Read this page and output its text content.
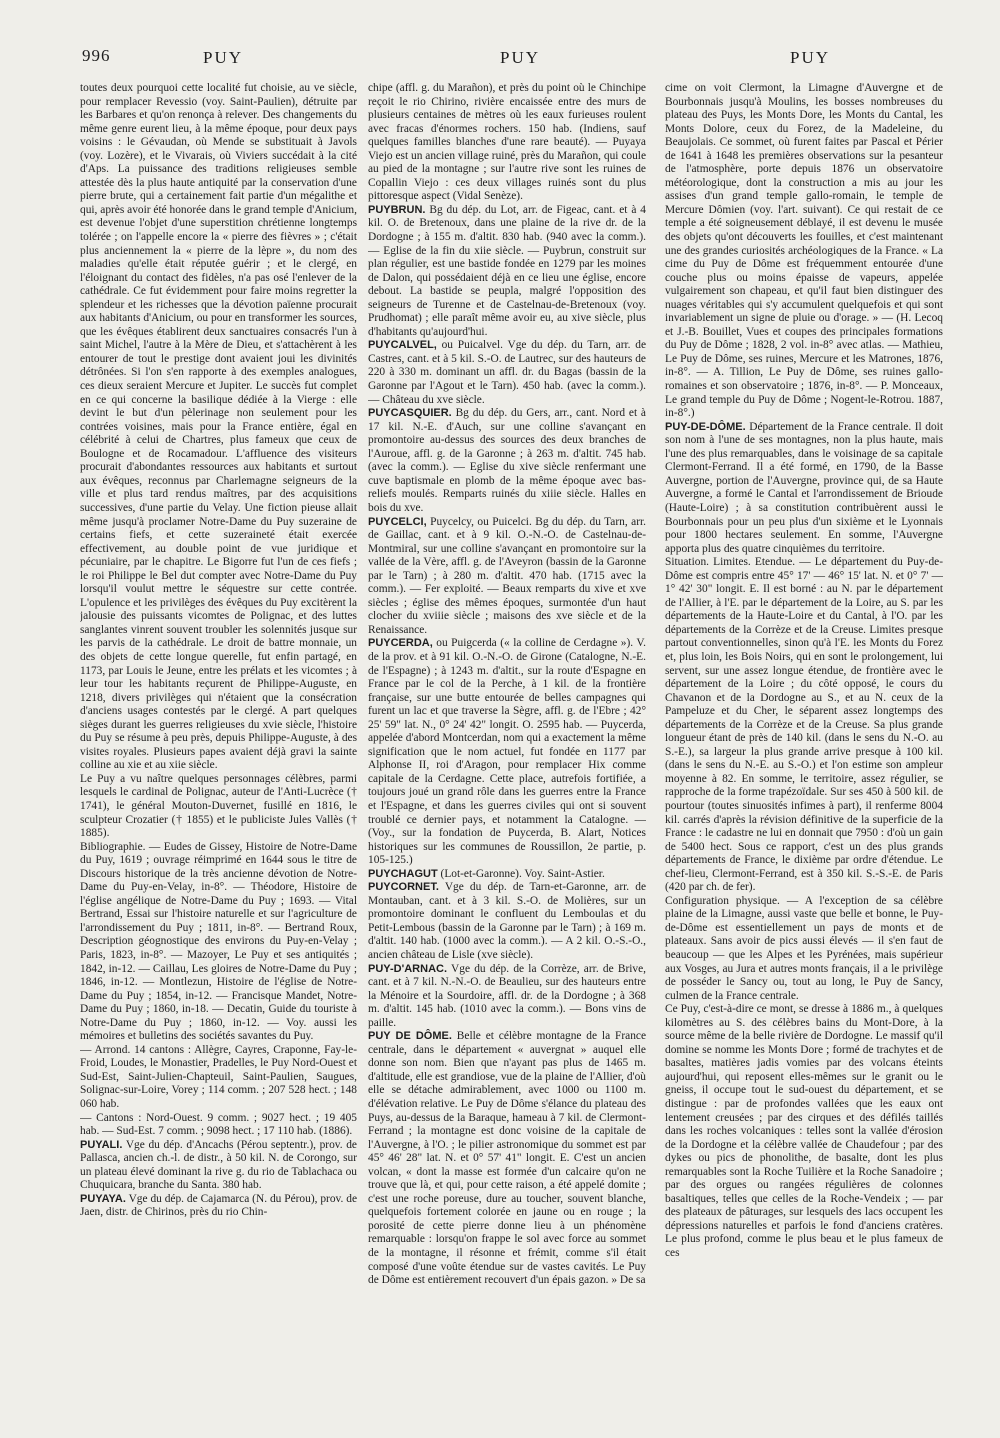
996	PUY	PUY	PUY

toutes deux pourquoi cette localité fut choisie, au ve siècle, pour remplacer Revessio (voy. Saint-Paulien), détruite par les Barbares et qu'on renonça à relever. Des changements du même genre eurent lieu, à la même époque, pour deux pays voisins : le Gévaudan, où Mende se substituait à Javols (voy. Lozère), et le Vivarais, où Viviers succédait à la cité d'Aps. La puissance des traditions religieuses semble attestée dès la plus haute antiquité par la conservation d'une pierre brute, qui a certainement fait partie d'un mégalithe et qui, après avoir été honorée dans le grand temple d'Anicium, est devenue l'objet d'une superstition chrétienne longtemps tolérée ; on l'appelle encore la « pierre des fièvres » ; c'était plus anciennement la « pierre de la lèpre », du nom des maladies qu'elle était réputée guérir ; et le clergé, en l'éloignant du contact des fidèles, n'a pas osé l'enlever de la cathédrale. Ce fut évidemment pour faire moins regretter la splendeur et les richesses que la dévotion païenne procurait aux habitants d'Anicium, ou pour en transformer les sources, que les évêques établirent deux sanctuaires consacrés l'un à saint Michel, l'autre à la Mère de Dieu, et s'attachèrent à les entourer de tout le prestige dont avaient joui les divinités détrônées. Si l'on s'en rapporte à des exemples analogues, ces dieux seraient Mercure et Jupiter. Le succès fut complet en ce qui concerne la basilique dédiée à la Vierge : elle devint le but d'un pèlerinage non seulement pour les contrées voisines, mais pour la France entière, égal en célébrité à celui de Chartres, plus fameux que ceux de Boulogne et de Rocamadour. L'affluence des visiteurs procurait d'abondantes ressources aux habitants et surtout aux évêques, reconnus par Charlemagne seigneurs de la ville et plus tard rendus maîtres, par des acquisitions successives, d'une partie du Velay. Une fiction pieuse allait même jusqu'à proclamer Notre-Dame du Puy suzeraine de certains fiefs, et cette suzeraineté était exercée effectivement, au double point de vue juridique et pécuniaire, par le chapitre. Le Bigorre fut l'un de ces fiefs ; le roi Philippe le Bel dut compter avec Notre-Dame du Puy lorsqu'il voulut mettre le séquestre sur cette contrée. L'opulence et les privilèges des évêques du Puy excitèrent la jalousie des puissants vicomtes de Polignac, et des luttes sanglantes vinrent souvent troubler les solennités jusque sur les parvis de la cathédrale. Le droit de battre monnaie, un des objets de cette longue querelle, fut enfin partagé, en 1173, par Louis le Jeune, entre les prélats et les vicomtes ; à leur tour les habitants reçurent de Philippe-Auguste, en 1218, divers privilèges qui n'étaient que la consécration d'anciens usages contestés par le clergé. A part quelques sièges durant les guerres religieuses du xvie siècle, l'histoire du Puy se résume à peu près, depuis Philippe-Auguste, à des visites royales. Plusieurs papes avaient déjà gravi la sainte colline au xie et au xiie siècle.

Le Puy a vu naître quelques personnages célèbres, parmi lesquels le cardinal de Polignac, auteur de l'Anti-Lucrèce († 1741), le général Mouton-Duvernet, fusillé en 1816, le sculpteur Crozatier († 1855) et le publiciste Jules Vallès († 1885).

Bibliographie. — Eudes de Gissey, Histoire de Notre-Dame du Puy, 1619 ; ouvrage réimprimé en 1644 sous le titre de Discours historique de la très ancienne dévotion de Notre-Dame du Puy-en-Velay, in-8°. — Théodore, Histoire de l'église angélique de Notre-Dame du Puy ; 1693. — Vital Bertrand, Essai sur l'histoire naturelle et sur l'agriculture de l'arrondissement du Puy ; 1811, in-8°. — Bertrand Roux, Description géognostique des environs du Puy-en-Velay ; Paris, 1823, in-8°. — Mazoyer, Le Puy et ses antiquités ; 1842, in-12. — Caillau, Les gloires de Notre-Dame du Puy ; 1846, in-12. — Montlezun, Histoire de l'église de Notre-Dame du Puy ; 1854, in-12. — Francisque Mandet, Notre-Dame du Puy ; 1860, in-18. — Decatin, Guide du touriste à Notre-Dame du Puy ; 1860, in-12. — Voy. aussi les mémoires et bulletins des sociétés savantes du Puy.

— Arrond. 14 cantons : Allègre, Cayres, Craponne, Fay-le-Froid, Loudes, le Monastier, Pradelles, le Puy Nord-Ouest et Sud-Est, Saint-Julien-Chapteuil, Saint-Paulien, Saugues, Solignac-sur-Loire, Vorey ; 114 comm. ; 207 528 hect. ; 148 060 hab.

— Cantons : Nord-Ouest. 9 comm. ; 9027 hect. ; 19 405 hab. — Sud-Est. 7 comm. ; 9098 hect. ; 17 110 hab. (1886).

PUYALI. Vge du dép. d'Ancachs (Pérou septentr.), prov. de Pallasca, ancien ch.-l. de distr., à 50 kil. N. de Corongo, sur un plateau élevé dominant la rive g. du rio de Tablachaca ou Chuquicara, branche du Santa. 380 hab.

PUYAYA. Vge du dép. de Cajamarca (N. du Pérou), prov. de Jaen, distr. de Chirinos, près du rio Chin-

chipe (affl. g. du Marañon), et près du point où le Chinchipe reçoit le rio Chirino, rivière encaissée entre des murs de plusieurs centaines de mètres où les eaux furieuses roulent avec fracas d'énormes rochers. 150 hab. (Indiens, sauf quelques familles blanches d'une rare beauté). — Puyaya Viejo est un ancien village ruiné, près du Marañon, qui coule au pied de la montagne ; sur l'autre rive sont les ruines de Copallin Viejo : ces deux villages ruinés sont du plus pittoresque aspect (Vidal Senèze).

PUYBRUN. Bg du dép. du Lot, arr. de Figeac, cant. et à 4 kil. O. de Bretenoux, dans une plaine de la rive dr. de la Dordogne ; à 155 m. d'altit. 830 hab. (940 avec la comm.). — Eglise de la fin du xiie siècle. — Puybrun, construit sur plan régulier, est une bastide fondée en 1279 par les moines de Dalon, qui possédaient déjà en ce lieu une église, encore debout. La bastide se peupla, malgré l'opposition des seigneurs de Turenne et de Castelnau-de-Bretenoux (voy. Prudhomat) ; elle paraît même avoir eu, au xive siècle, plus d'habitants qu'aujourd'hui.

PUYCALVEL, ou Puicalvel. Vge du dép. du Tarn, arr. de Castres, cant. et à 5 kil. S.-O. de Lautrec, sur des hauteurs de 220 à 330 m. dominant un affl. dr. du Bagas (bassin de la Garonne par l'Agout et le Tarn). 450 hab. (avec la comm.). — Château du xve siècle.

PUYCASQUIER. Bg du dép. du Gers, arr., cant. Nord et à 17 kil. N.-E. d'Auch, sur une colline s'avançant en promontoire au-dessus des sources des deux branches de l'Auroue, affl. g. de la Garonne ; à 263 m. d'altit. 745 hab. (avec la comm.). — Eglise du xive siècle renfermant une cuve baptismale en plomb de la même époque avec bas-reliefs moulés. Remparts ruinés du xiiie siècle. Halles en bois du xve.

PUYCELCI, Puycelcy, ou Puicelci. Bg du dép. du Tarn, arr. de Gaillac, cant. et à 9 kil. O.-N.-O. de Castelnau-de-Montmiral, sur une colline s'avançant en promontoire sur la vallée de la Vère, affl. g. de l'Aveyron (bassin de la Garonne par le Tarn) ; à 280 m. d'altit. 470 hab. (1715 avec la comm.). — Fer exploité. — Beaux remparts du xive et xve siècles ; église des mêmes époques, surmontée d'un haut clocher du xviiie siècle ; maisons des xve siècle et de la Renaissance.

PUYCERDA, ou Puigcerda (« la colline de Cerdagne »). V. de la prov. et à 91 kil. O.-N.-O. de Girone (Catalogne, N.-E. de l'Espagne) ; à 1243 m. d'altit., sur la route d'Espagne en France par le col de la Perche, à 1 kil. de la frontière française, sur une butte entourée de belles campagnes qui furent un lac et que traverse la Sègre, affl. g. de l'Ebre ; 42° 25' 59" lat. N., 0° 24' 42" longit. O. 2595 hab. — Puycerda, appelée d'abord Montcerdan, nom qui a exactement la même signification que le nom actuel, fut fondée en 1177 par Alphonse II, roi d'Aragon, pour remplacer Hix comme capitale de la Cerdagne. Cette place, autrefois fortifiée, a toujours joué un grand rôle dans les guerres entre la France et l'Espagne, et dans les guerres civiles qui ont si souvent troublé ce dernier pays, et notamment la Catalogne. — (Voy., sur la fondation de Puycerda, B. Alart, Notices historiques sur les communes de Roussillon, 2e partie, p. 105-125.)

PUYCHAGUT (Lot-et-Garonne). Voy. Saint-Astier.

PUYCORNET. Vge du dép. de Tarn-et-Garonne, arr. de Montauban, cant. et à 3 kil. S.-O. de Molières, sur un promontoire dominant le confluent du Lemboulas et du Petit-Lembous (bassin de la Garonne par le Tarn) ; à 169 m. d'altit. 140 hab. (1000 avec la comm.). — A 2 kil. O.-S.-O., ancien château de Lisle (xve siècle).

PUY-D'ARNAC. Vge du dép. de la Corrèze, arr. de Brive, cant. et à 7 kil. N.-N.-O. de Beaulieu, sur des hauteurs entre la Ménoire et la Sourdoire, affl. dr. de la Dordogne ; à 368 m. d'altit. 145 hab. (1010 avec la comm.). — Bons vins de paille.

PUY DE DÔME. Belle et célèbre montagne de la France centrale, dans le département « auvergnat » auquel elle donne son nom. Bien que n'ayant pas plus de 1465 m. d'altitude, elle est grandiose, vue de la plaine de l'Allier, d'où elle se détache admirablement, avec 1000 ou 1100 m. d'élévation relative. Le Puy de Dôme s'élance du plateau des Puys, au-dessus de la Baraque, hameau à 7 kil. de Clermont-Ferrand ; la montagne est donc voisine de la capitale de l'Auvergne, à l'O. ; le pilier astronomique du sommet est par 45° 46' 28" lat. N. et 0° 57' 41" longit. E. C'est un ancien volcan, « dont la masse est formée d'un calcaire qu'on ne trouve que là, et qui, pour cette raison, a été appelé domite ; c'est une roche poreuse, dure au toucher, souvent blanche, quelquefois fortement colorée en jaune ou en rouge ; la porosité de cette pierre donne lieu à un phénomène remarquable : lorsqu'on frappe le sol avec force au sommet de la montagne, il résonne et frémit, comme s'il était composé d'une voûte étendue sur de vastes cavités. Le Puy de Dôme est entièrement recouvert d'un épais gazon. » De sa

cime on voit Clermont, la Limagne d'Auvergne et de Bourbonnais jusqu'à Moulins, les bosses nombreuses du plateau des Puys, les Monts Dore, les Monts du Cantal, les Monts Dolore, ceux du Forez, de la Madeleine, du Beaujolais. Ce sommet, où furent faites par Pascal et Périer de 1641 à 1648 les premières observations sur la pesanteur de l'atmosphère, porte depuis 1876 un observatoire météorologique, dont la construction a mis au jour les assises d'un grand temple gallo-romain, le temple de Mercure Dômien (voy. l'art. suivant). Ce qui restait de ce temple a été soigneusement déblayé, il est devenu le musée des objets qu'ont découverts les fouilles, et c'est maintenant une des grandes curiosités archéologiques de la France. « La cime du Puy de Dôme est fréquemment entourée d'une couche plus ou moins épaisse de vapeurs, appelée vulgairement son chapeau, et qu'il faut bien distinguer des nuages véritables qui s'y accumulent quelquefois et qui sont invariablement un signe de pluie ou d'orage. » — (H. Lecoq et J.-B. Bouillet, Vues et coupes des principales formations du Puy de Dôme ; 1828, 2 vol. in-8° avec atlas. — Mathieu, Le Puy de Dôme, ses ruines, Mercure et les Matrones, 1876, in-8°. — A. Tillion, Le Puy de Dôme, ses ruines gallo-romaines et son observatoire ; 1876, in-8°. — P. Monceaux, Le grand temple du Puy de Dôme ; Nogent-le-Rotrou. 1887, in-8°.)

PUY-DE-DÔME. Département de la France centrale. Il doit son nom à l'une de ses montagnes, non la plus haute, mais l'une des plus remarquables, dans le voisinage de sa capitale Clermont-Ferrand. Il a été formé, en 1790, de la Basse Auvergne, portion de l'Auvergne, province qui, de sa Haute Auvergne, a formé le Cantal et l'arrondissement de Brioude (Haute-Loire) ; à sa constitution contribuèrent aussi le Bourbonnais pour un peu plus d'un sixième et le Lyonnais pour 1800 hectares seulement. En somme, l'Auvergne apporta plus des quatre cinquièmes du territoire.

Situation. Limites. Etendue. — Le département du Puy-de-Dôme est compris entre 45° 17' — 46° 15' lat. N. et 0° 7' — 1° 42' 30" longit. E. Il est borné : au N. par le département de l'Allier, à l'E. par le département de la Loire, au S. par les départements de la Haute-Loire et du Cantal, à l'O. par les départements de la Corrèze et de la Creuse. Limites presque partout conventionnelles, sinon qu'à l'E. les Monts du Forez et, plus loin, les Bois Noirs, qui en sont le prolongement, lui servent, sur une assez longue étendue, de frontière avec le département de la Loire ; du côté opposé, le cours du Chavanon et de la Dordogne au S., et au N. ceux de la Pampeluze et du Cher, le séparent assez longtemps des départements de la Corrèze et de la Creuse. Sa plus grande longueur étant de près de 140 kil. (dans le sens du N.-O. au S.-E.), sa largeur la plus grande arrive presque à 100 kil. (dans le sens du N.-E. au S.-O.) et l'on estime son ampleur moyenne à 82. En somme, le territoire, assez régulier, se rapproche de la forme trapézoïdale. Sur ses 450 à 500 kil. de pourtour (toutes sinuosités infimes à part), il renferme 8004 kil. carrés d'après la révision définitive de la superficie de la France : le cadastre ne lui en donnait que 7950 : d'où un gain de 5400 hect. Sous ce rapport, c'est un des plus grands départements de France, le dixième par ordre d'étendue. Le chef-lieu, Clermont-Ferrand, est à 350 kil. S.-S.-E. de Paris (420 par ch. de fer).

Configuration physique. — A l'exception de sa célèbre plaine de la Limagne, aussi vaste que belle et bonne, le Puy-de-Dôme est essentiellement un pays de monts et de plateaux. Sans avoir de pics aussi élevés — il s'en faut de beaucoup — que les Alpes et les Pyrénées, mais supérieur aux Vosges, au Jura et autres monts français, il a le privilège de posséder le Sancy ou, tout au long, le Puy de Sancy, culmen de la France centrale.

Ce Puy, c'est-à-dire ce mont, se dresse à 1886 m., à quelques kilomètres au S. des célèbres bains du Mont-Dore, à la source même de la belle rivière de Dordogne. Le massif qu'il domine se nomme les Monts Dore ; formé de trachytes et de basaltes, matières jadis vomies par des volcans éteints aujourd'hui, qui reposent elles-mêmes sur le granit ou le gneiss, il occupe tout le sud-ouest du département, et se distingue : par de profondes vallées que les eaux ont lentement creusées ; par des cirques et des défilés taillés dans les roches volcaniques : telles sont la vallée d'érosion de la Dordogne et la célèbre vallée de Chaudefour ; par des dykes ou pics de phonolithe, de basalte, dont les plus remarquables sont la Roche Tuilière et la Roche Sanadoire ; par des orgues ou rangées régulières de colonnes basaltiques, telles que celles de la Roche-Vendeix ; — par des plateaux de pâturages, sur lesquels des lacs occupent les dépressions naturelles et parfois le fond d'anciens cratères. Le plus profond, comme le plus beau et le plus fameux de ces
